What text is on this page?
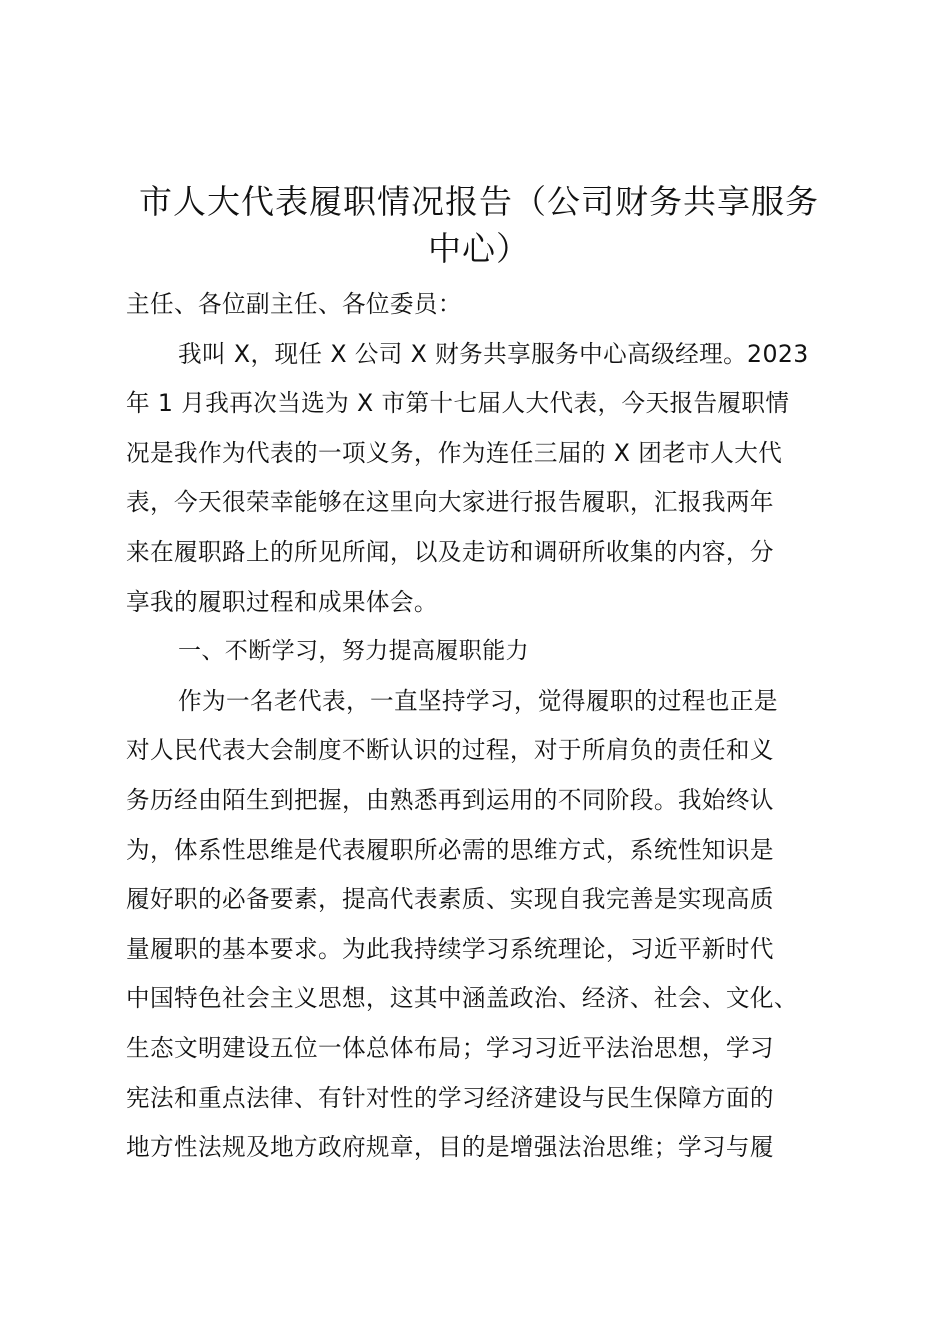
市人大代表履职情况报告（公司财务共享服务
中心）
主任、各位副主任、各位委员：
我叫 X，现任 X 公司 X 财务共享服务中心高级经理。2023
年 1 月我再次当选为 X 市第十七届人大代表，今天报告履职情
况是我作为代表的一项义务，作为连任三届的 X 团老市人大代
表，今天很荣幸能够在这里向大家进行报告履职，汇报我两年
来在履职路上的所见所闻，以及走访和调研所收集的内容，分
享我的履职过程和成果体会。
一、不断学习，努力提高履职能力
作为一名老代表，一直坚持学习，觉得履职的过程也正是
对人民代表大会制度不断认识的过程，对于所肩负的责任和义
务历经由陌生到把握，由熟悉再到运用的不同阶段。我始终认
为，体系性思维是代表履职所必需的思维方式，系统性知识是
履好职的必备要素，提高代表素质、实现自我完善是实现高质
量履职的基本要求。为此我持续学习系统理论，习近平新时代
中国特色社会主义思想，这其中涵盖政治、经济、社会、文化、
生态文明建设五位一体总体布局；学习习近平法治思想，学习
宪法和重点法律、有针对性的学习经济建设与民生保障方面的
地方性法规及地方政府规章，目的是增强法治思维；学习与履
